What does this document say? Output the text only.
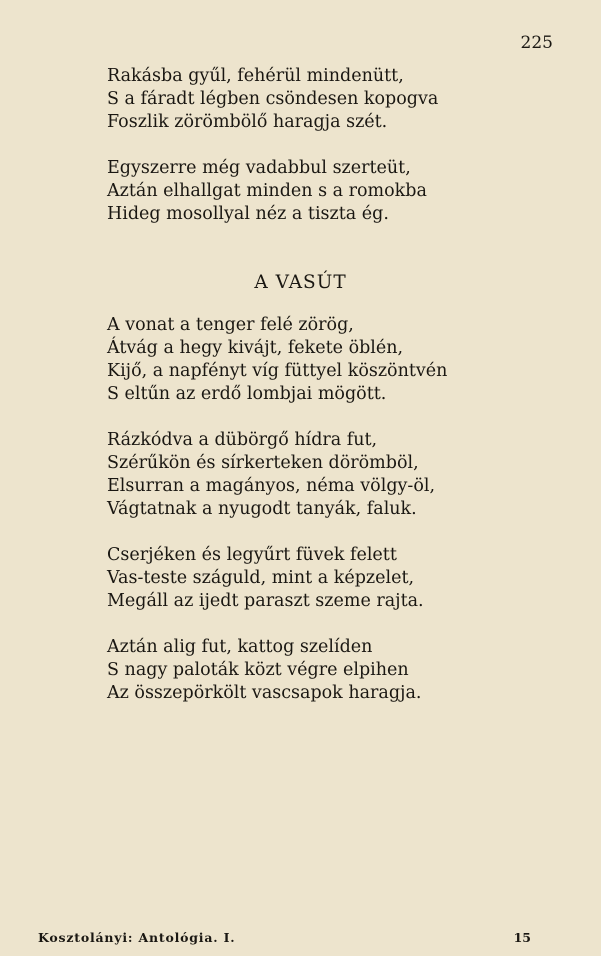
225
Rakásba gyűl, fehérül mindenütt,
S a fáradt légben csöndesen kopogva
Foszlik zörömbölő haragja szét.
Egyszerre még vadabbul szerteüt,
Aztán elhallgat minden s a romokba
Hideg mosollyal néz a tiszta ég.
A VASÚT
A vonat a tenger felé zörög,
Átvág a hegy kivájt, fekete öblén,
Kijő, a napfényt víg füttyel köszöntvén
S eltűn az erdő lombjai mögött.
Rázkódva a dübörgő hídra fut,
Szérűkön és sírkerteken dörömböl,
Elsurran a magányos, néma völgy-öl,
Vágtatnak a nyugodt tanyák, faluk.
Cserjéken és legyűrt füvek felett
Vas-teste száguld, mint a képzelet,
Megáll az ijedt paraszt szeme rajta.
Aztán alig fut, kattog szelíden
S nagy paloták közt végre elpihen
Az összepörkölt vascsapok haragja.
Kosztolányi: Antológia. I.	15
